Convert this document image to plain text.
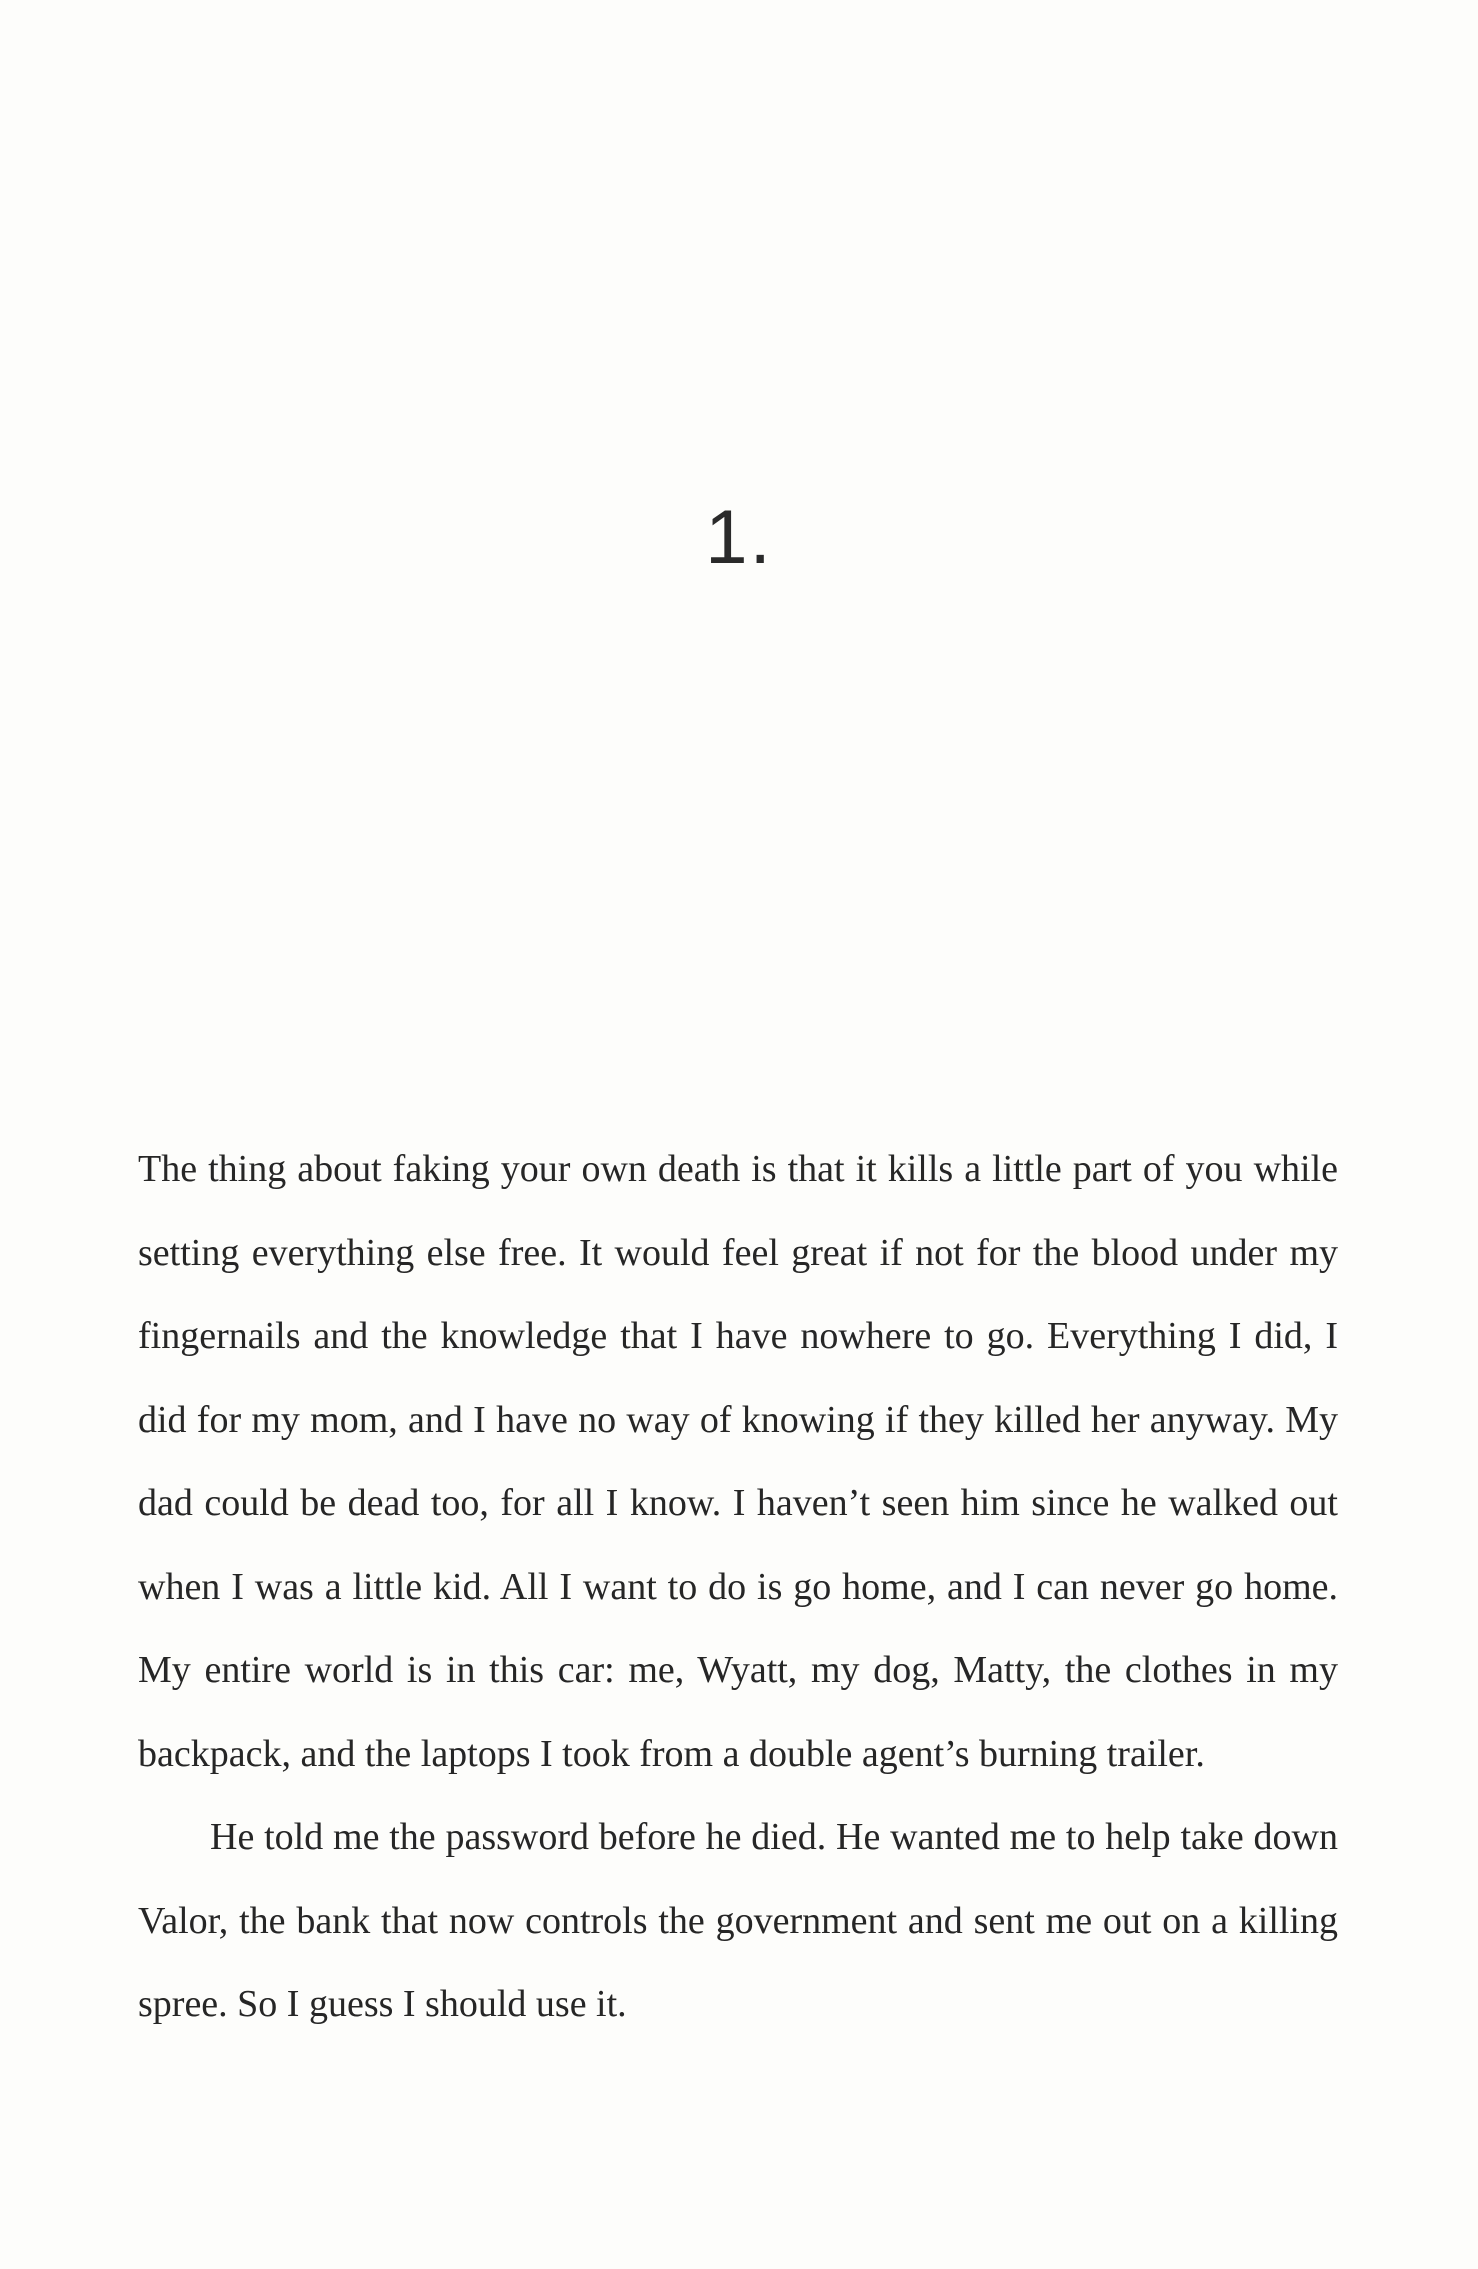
1.

The thing about faking your own death is that it kills a little part of you while setting everything else free. It would feel great if not for the blood under my fingernails and the knowledge that I have nowhere to go. Everything I did, I did for my mom, and I have no way of knowing if they killed her anyway. My dad could be dead too, for all I know. I haven’t seen him since he walked out when I was a little kid. All I want to do is go home, and I can never go home. My entire world is in this car: me, Wyatt, my dog, Matty, the clothes in my backpack, and the laptops I took from a double agent’s burning trailer.

He told me the password before he died. He wanted me to help take down Valor, the bank that now controls the government and sent me out on a killing spree. So I guess I should use it.
